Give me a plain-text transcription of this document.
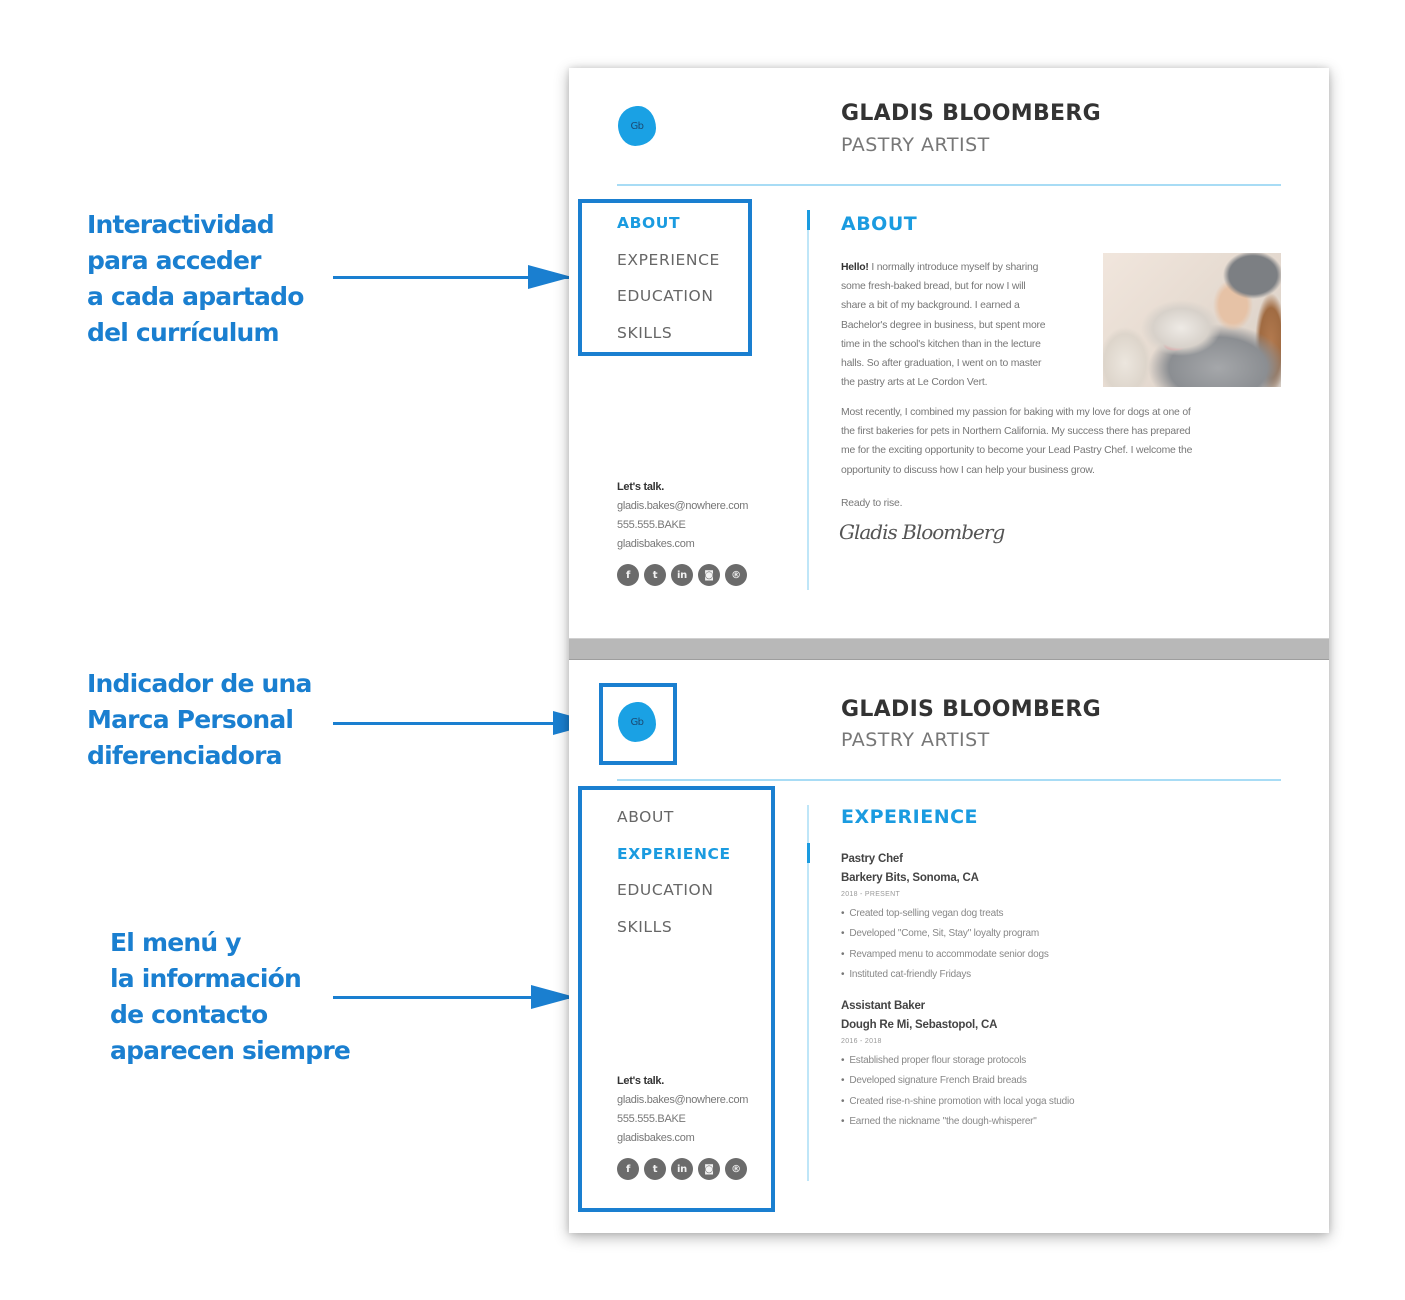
Interactividad
para acceder
a cada apartado
del currículum
Indicador de una
Marca Personal
diferenciadora
El menú y
la información
de contacto
aparecen siempre
Gb	GLADIS BLOOMBERG
PASTRY ARTIST
ABOUT
EXPERIENCE
EDUCATION
SKILLS
ABOUT
Hello! I normally introduce myself by sharing
some fresh-baked bread, but for now I will
share a bit of my background. I earned a
Bachelor's degree in business, but spent more
time in the school's kitchen than in the lecture
halls. So after graduation, I went on to master
the pastry arts at Le Cordon Vert.
Most recently, I combined my passion for baking with my love for dogs at one of
the first bakeries for pets in Northern California. My success there has prepared
me for the exciting opportunity to become your Lead Pastry Chef. I welcome the
opportunity to discuss how I can help your business grow.
Ready to rise.
Gladis Bloomberg
Let's talk.
gladis.bakes@nowhere.com
555.555.BAKE
gladisbakes.com
f	t	in	◙	®
Gb	GLADIS BLOOMBERG
PASTRY ARTIST
ABOUT
EXPERIENCE
EDUCATION
SKILLS
EXPERIENCE
Pastry Chef
Barkery Bits, Sonoma, CA
2018 - PRESENT
• Created top-selling vegan dog treats
• Developed "Come, Sit, Stay" loyalty program
• Revamped menu to accommodate senior dogs
• Instituted cat-friendly Fridays
Assistant Baker
Dough Re Mi, Sebastopol, CA
2016 - 2018
• Established proper flour storage protocols
• Developed signature French Braid breads
• Created rise-n-shine promotion with local yoga studio
• Earned the nickname "the dough-whisperer"
Let's talk.
gladis.bakes@nowhere.com
555.555.BAKE
gladisbakes.com
f	t	in	◙	®
